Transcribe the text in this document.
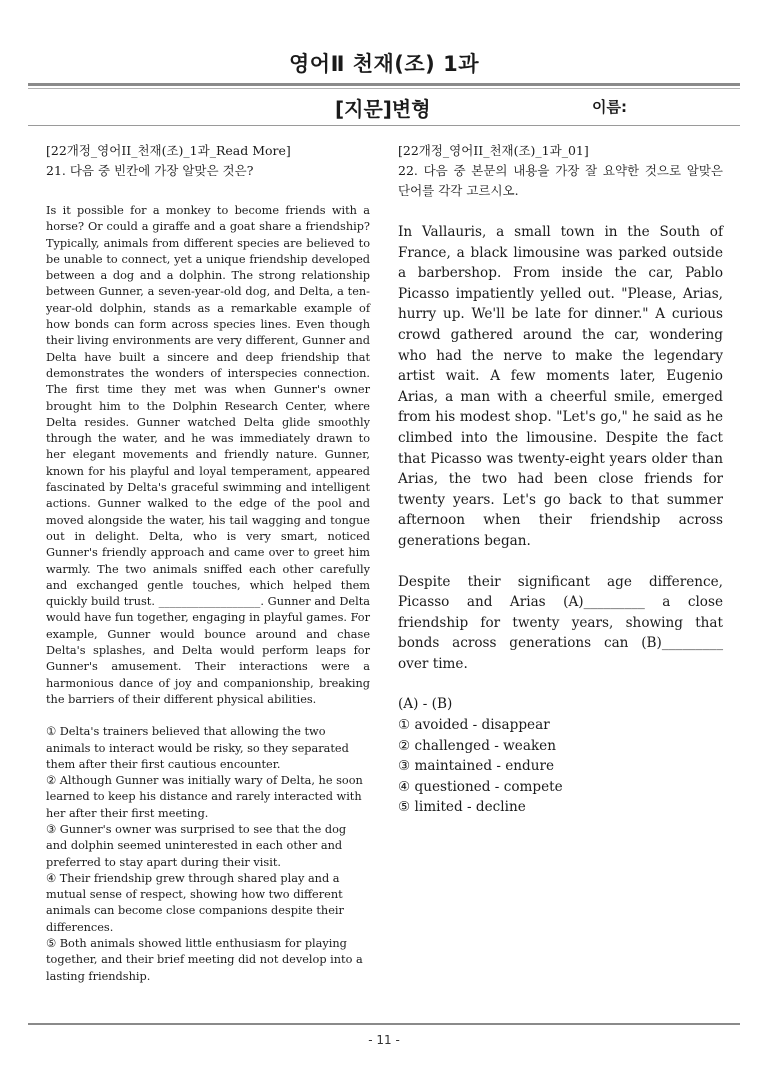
영어Ⅱ 천재(조) 1과
[지문]변형	이름:
[22개정_영어II_천재(조)_1과_Read More]
21. 다음 중 빈칸에 가장 알맞은 것은?
Is it possible for a monkey to become friends with a horse? Or could a giraffe and a goat share a friendship? Typically, animals from different species are believed to be unable to connect, yet a unique friendship developed between a dog and a dolphin. The strong relationship between Gunner, a seven-year-old dog, and Delta, a ten-year-old dolphin, stands as a remarkable example of how bonds can form across species lines. Even though their living environments are very different, Gunner and Delta have built a sincere and deep friendship that demonstrates the wonders of interspecies connection. The first time they met was when Gunner's owner brought him to the Dolphin Research Center, where Delta resides. Gunner watched Delta glide smoothly through the water, and he was immediately drawn to her elegant movements and friendly nature. Gunner, known for his playful and loyal temperament, appeared fascinated by Delta's graceful swimming and intelligent actions. Gunner walked to the edge of the pool and moved alongside the water, his tail wagging and tongue out in delight. Delta, who is very smart, noticed Gunner's friendly approach and came over to greet him warmly. The two animals sniffed each other carefully and exchanged gentle touches, which helped them quickly build trust. __________________. Gunner and Delta would have fun together, engaging in playful games. For example, Gunner would bounce around and chase Delta's splashes, and Delta would perform leaps for Gunner's amusement. Their interactions were a harmonious dance of joy and companionship, breaking the barriers of their different physical abilities.

① Delta's trainers believed that allowing the two animals to interact would be risky, so they separated them after their first cautious encounter.

② Although Gunner was initially wary of Delta, he soon learned to keep his distance and rarely interacted with her after their first meeting.

③ Gunner's owner was surprised to see that the dog and dolphin seemed uninterested in each other and preferred to stay apart during their visit.

④ Their friendship grew through shared play and a mutual sense of respect, showing how two different animals can become close companions despite their differences.

⑤ Both animals showed little enthusiasm for playing together, and their brief meeting did not develop into a lasting friendship.

[22개정_영어II_천재(조)_1과_01]
22. 다음 중 본문의 내용을 가장 잘 요약한 것으로 알맞은 단어를 각각 고르시오.
In Vallauris, a small town in the South of France, a black limousine was parked outside a barbershop. From inside the car, Pablo Picasso impatiently yelled out. "Please, Arias, hurry up. We'll be late for dinner." A curious crowd gathered around the car, wondering who had the nerve to make the legendary artist wait. A few moments later, Eugenio Arias, a man with a cheerful smile, emerged from his modest shop. "Let's go," he said as he climbed into the limousine. Despite the fact that Picasso was twenty-eight years older than Arias, the two had been close friends for twenty years. Let's go back to that summer afternoon when their friendship across generations began.
Despite their significant age difference, Picasso and Arias (A)_________ a close friendship for twenty years, showing that bonds across generations can (B)_________ over time.

(A) - (B)

① avoided - disappear

② challenged - weaken

③ maintained - endure

④ questioned - compete

⑤ limited - decline

- 11 -
